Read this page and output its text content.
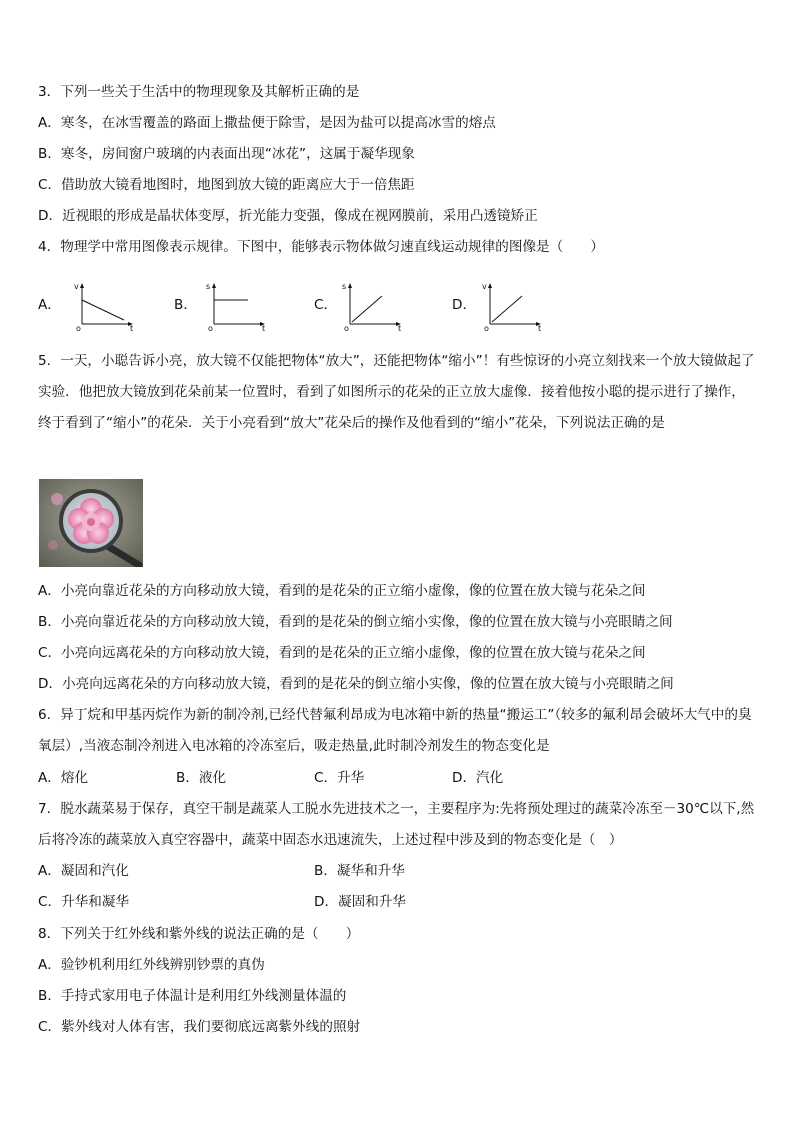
3．下列一些关于生活中的物理现象及其解析正确的是
A．寒冬，在冰雪覆盖的路面上撒盐便于除雪，是因为盐可以提高冰雪的熔点
B．寒冬，房间窗户玻璃的内表面出现“冰花”，这属于凝华现象
C．借助放大镜看地图时，地图到放大镜的距离应大于一倍焦距
D．近视眼的形成是晶状体变厚，折光能力变强，像成在视网膜前，采用凸透镜矫正
4．物理学中常用图像表示规律。下图中，能够表示物体做匀速直线运动规律的图像是（　　）
A．
v
o	t
B．
s
o	t
C．
s
o	t
D．
v
o	t
5．一天，小聪告诉小亮，放大镜不仅能把物体“放大”，还能把物体“缩小”！有些惊讶的小亮立刻找来一个放大镜做起了实验．他把放大镜放到花朵前某一位置时，看到了如图所示的花朵的正立放大虚像．接着他按小聪的提示进行了操作，终于看到了“缩小”的花朵．关于小亮看到“放大”花朵后的操作及他看到的“缩小”花朵，下列说法正确的是
A．小亮向靠近花朵的方向移动放大镜，看到的是花朵的正立缩小虚像，像的位置在放大镜与花朵之间
B．小亮向靠近花朵的方向移动放大镜，看到的是花朵的倒立缩小实像，像的位置在放大镜与小亮眼睛之间
C．小亮向远离花朵的方向移动放大镜，看到的是花朵的正立缩小虚像，像的位置在放大镜与花朵之间
D．小亮向远离花朵的方向移动放大镜，看到的是花朵的倒立缩小实像，像的位置在放大镜与小亮眼睛之间
6．异丁烷和甲基丙烷作为新的制冷剂,已经代替氟利昂成为电冰箱中新的热量“搬运工”（较多的氟利昂会破坏大气中的臭氧层）,当液态制冷剂进入电冰箱的冷冻室后，吸走热量,此时制冷剂发生的物态变化是
A．熔化	B．液化	C．升华	D．汽化
7．脱水蔬菜易于保存，真空干制是蔬菜人工脱水先进技术之一，主要程序为:先将预处理过的蔬菜冷冻至－30℃以下,然后将冷冻的蔬菜放入真空容器中，蔬菜中固态水迅速流失，上述过程中涉及到的物态变化是（　）
A．凝固和汽化	B．凝华和升华
C．升华和凝华	D．凝固和升华
8．下列关于红外线和紫外线的说法正确的是（　　）
A．验钞机利用红外线辨别钞票的真伪
B．手持式家用电子体温计是利用红外线测量体温的
C．紫外线对人体有害，我们要彻底远离紫外线的照射
